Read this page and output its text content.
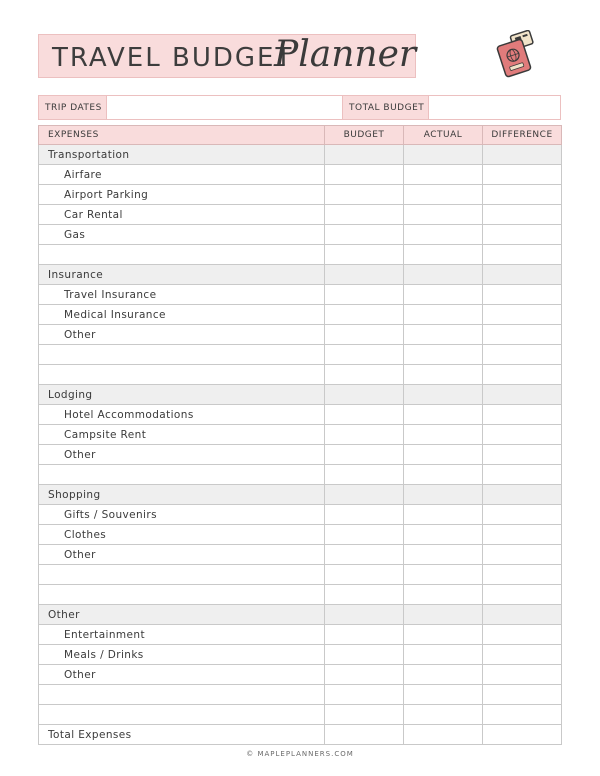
TRAVEL BUDGET
Planner
TRIP DATES	TOTAL BUDGET
EXPENSES	BUDGET	ACTUAL	DIFFERENCE
Transportation			
Airfare			
Airport Parking			
Car Rental			
Gas			

Insurance			
Travel Insurance			
Medical Insurance			
Other			

Lodging			
Hotel Accommodations			
Campsite Rent			
Other			

Shopping			
Gifts / Souvenirs			
Clothes			
Other			

Other			
Entertainment			
Meals / Drinks			
Other			

Total Expenses			
© MAPLEPLANNERS.COM
